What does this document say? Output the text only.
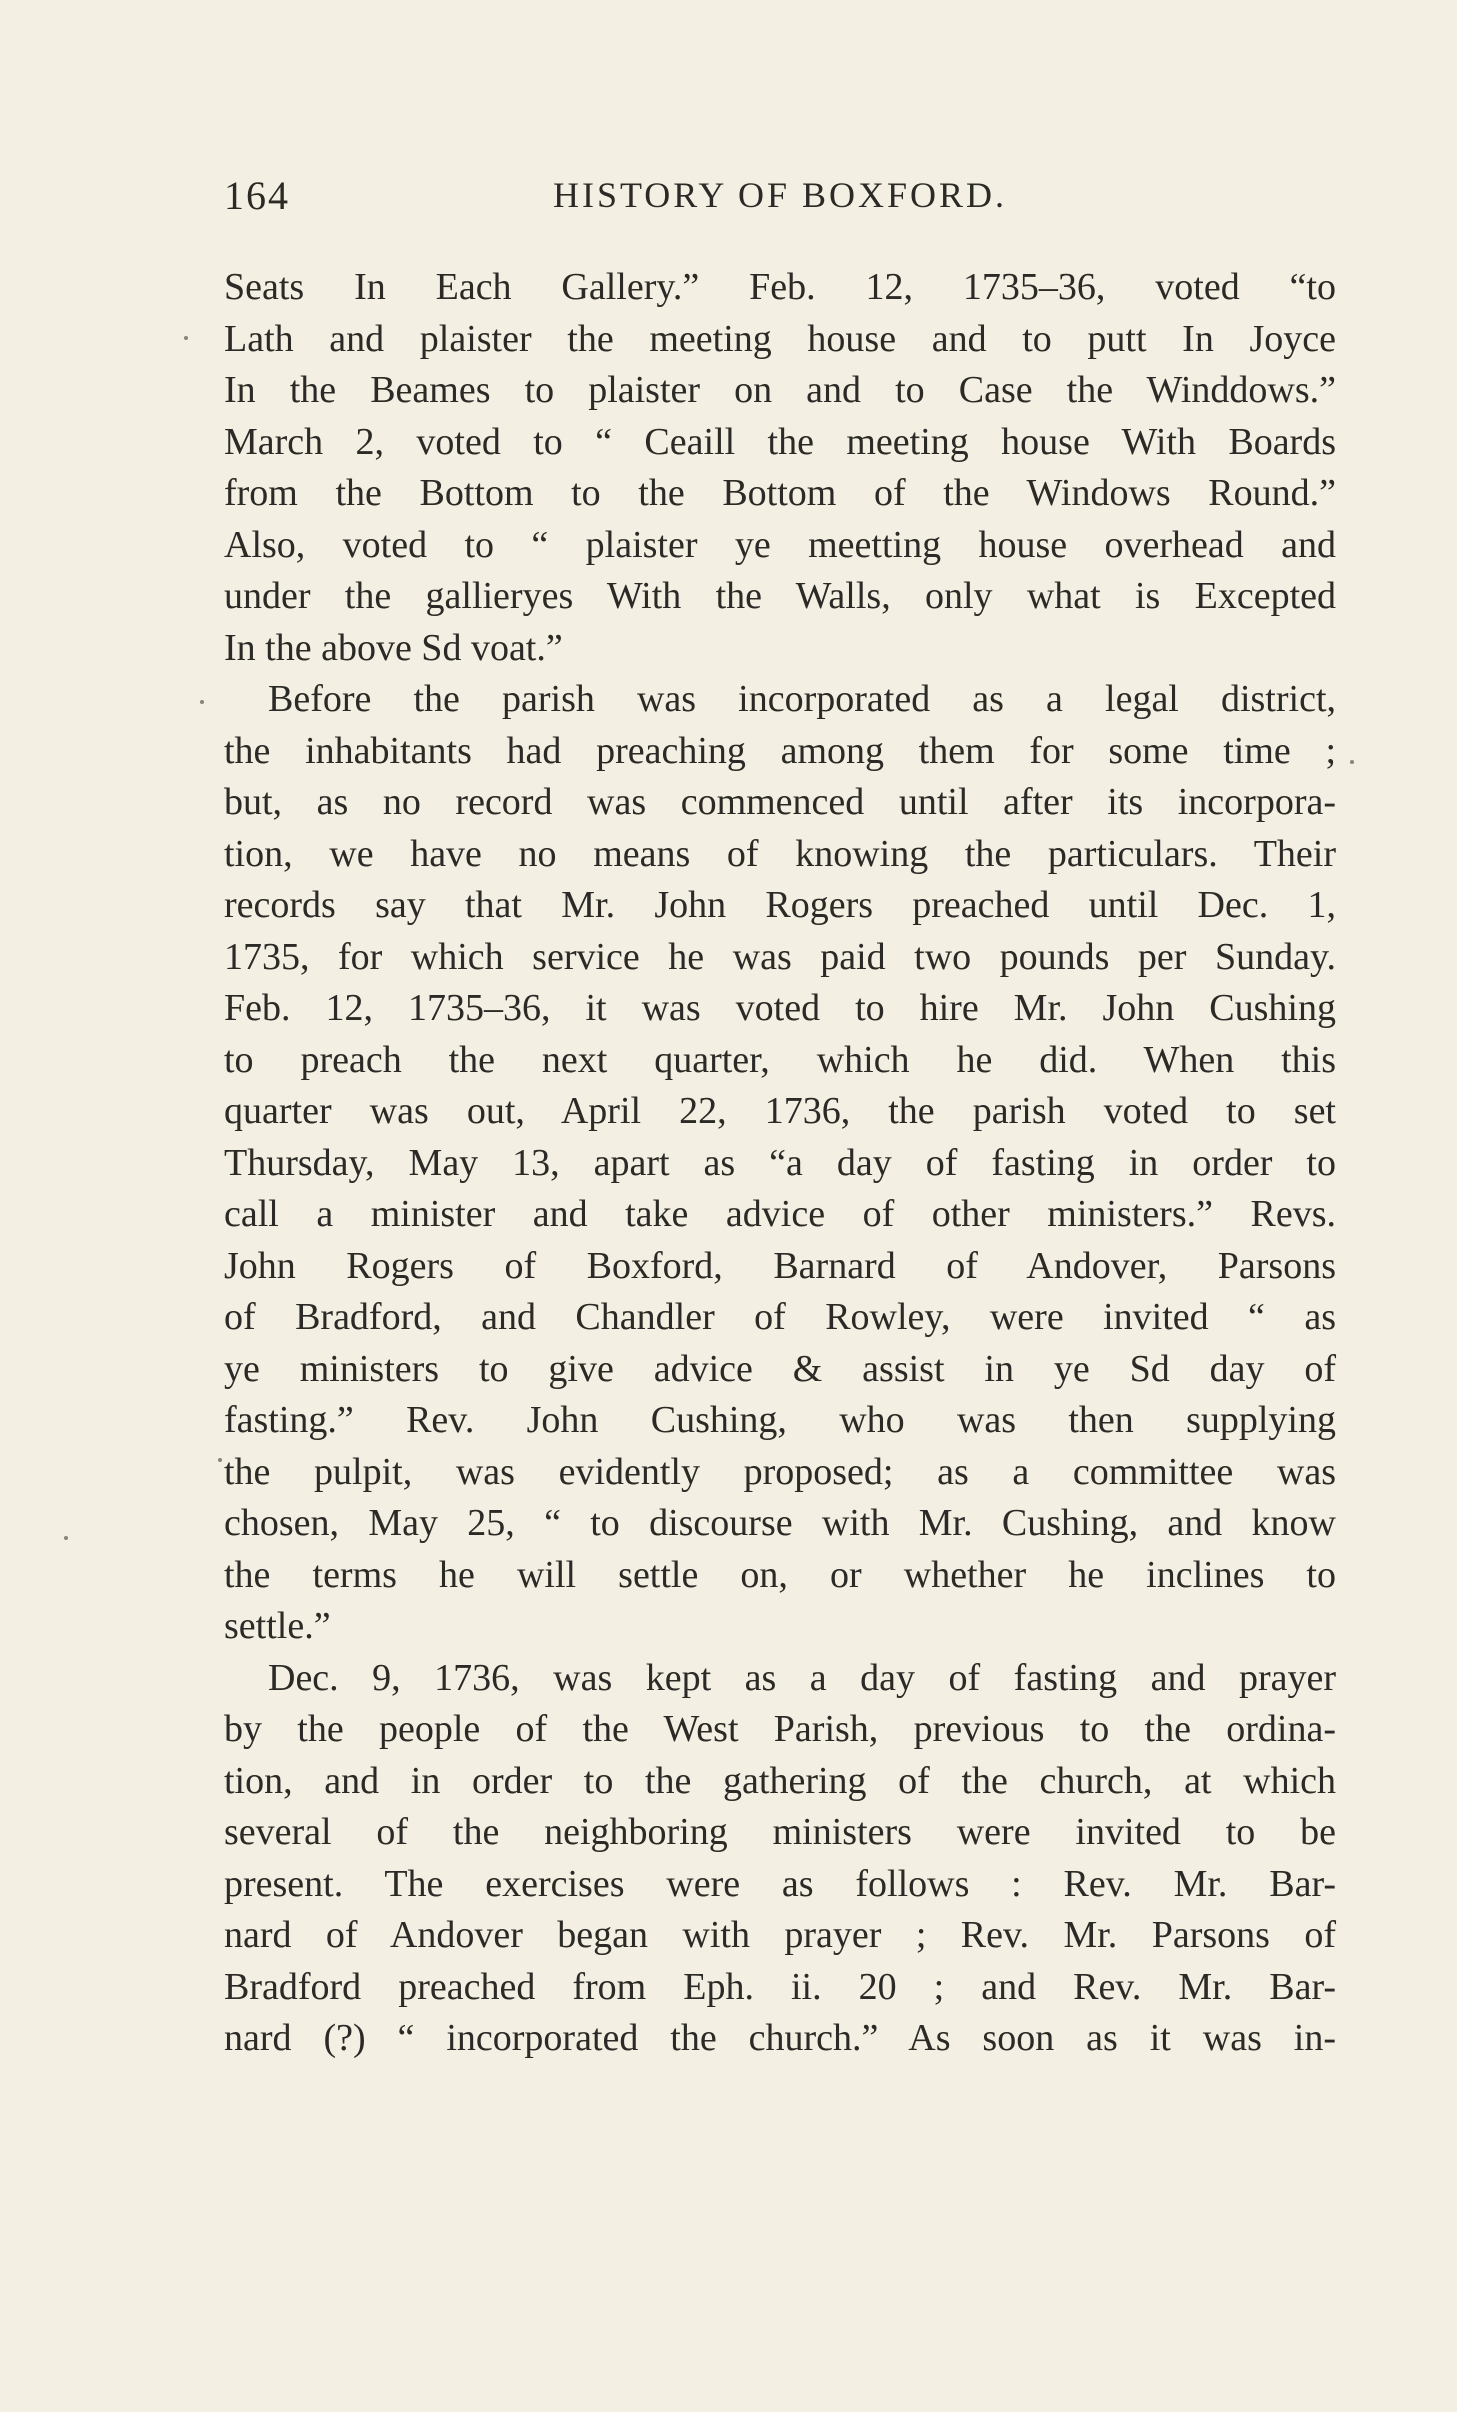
164	HISTORY OF BOXFORD.
Seats In Each Gallery.” Feb. 12, 1735–36, voted “to
Lath and plaister the meeting house and to putt In Joyce
In the Beames to plaister on and to Case the Winddows.”
March 2, voted to “ Ceaill the meeting house With Boards
from the Bottom to the Bottom of the Windows Round.”
Also, voted to “ plaister ye meetting house overhead and
under the gallieryes With the Walls, only what is Excepted
In the above Sd voat.”
Before the parish was incorporated as a legal district,
the inhabitants had preaching among them for some time ;
but, as no record was commenced until after its incorpora-
tion, we have no means of knowing the particulars. Their
records say that Mr. John Rogers preached until Dec. 1,
1735, for which service he was paid two pounds per Sunday.
Feb. 12, 1735–36, it was voted to hire Mr. John Cushing
to preach the next quarter, which he did. When this
quarter was out, April 22, 1736, the parish voted to set
Thursday, May 13, apart as “a day of fasting in order to
call a minister and take advice of other ministers.” Revs.
John Rogers of Boxford, Barnard of Andover, Parsons
of Bradford, and Chandler of Rowley, were invited “ as
ye ministers to give advice & assist in ye Sd day of
fasting.” Rev. John Cushing, who was then supplying
the pulpit, was evidently proposed; as a committee was
chosen, May 25, “ to discourse with Mr. Cushing, and know
the terms he will settle on, or whether he inclines to
settle.”
Dec. 9, 1736, was kept as a day of fasting and prayer
by the people of the West Parish, previous to the ordina-
tion, and in order to the gathering of the church, at which
several of the neighboring ministers were invited to be
present. The exercises were as follows : Rev. Mr. Bar-
nard of Andover began with prayer ; Rev. Mr. Parsons of
Bradford preached from Eph. ii. 20 ; and Rev. Mr. Bar-
nard (?) “ incorporated the church.” As soon as it was in-
